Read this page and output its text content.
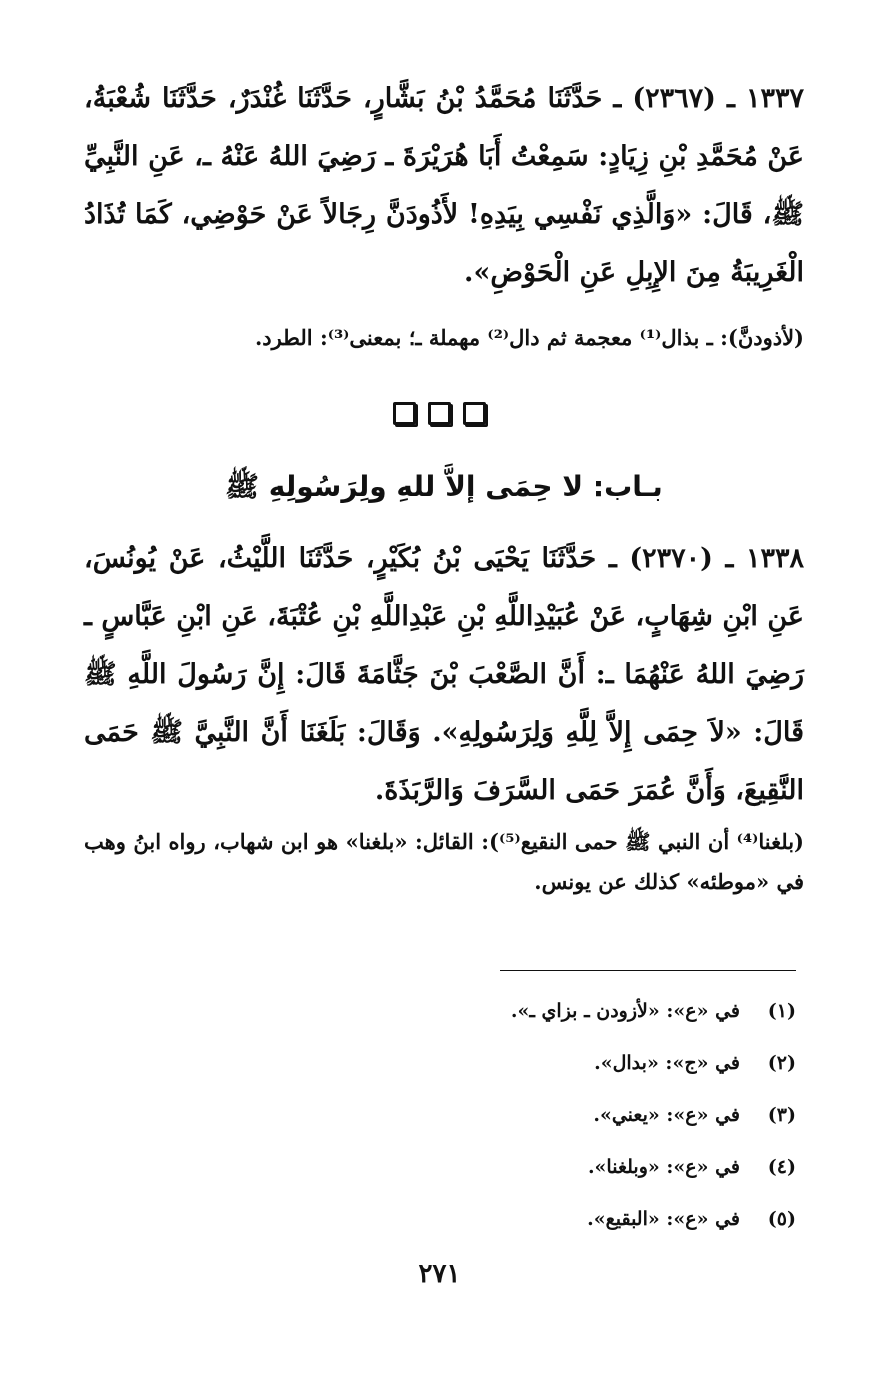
١٣٣٧ ـ (٢٣٦٧) ـ حَدَّثَنَا مُحَمَّدُ بْنُ بَشَّارٍ، حَدَّثَنَا غُنْدَرٌ، حَدَّثَنَا شُعْبَةُ، عَنْ مُحَمَّدِ بْنِ زِيَادٍ: سَمِعْتُ أَبَا هُرَيْرَةَ ـ رَضِيَ اللهُ عَنْهُ ـ، عَنِ النَّبِيِّ ﷺ، قَالَ: «وَالَّذِي نَفْسِي بِيَدِهِ! لأَذُودَنَّ رِجَالاً عَنْ حَوْضِي، كَمَا تُذَادُ الْغَرِيبَةُ مِنَ الإِبِلِ عَنِ الْحَوْضِ».

(لأذودنَّ): ـ بذال⁽¹⁾ معجمة ثم دال⁽²⁾ مهملة ـ؛ بمعنى⁽³⁾: الطرد.

بـاب: لا حِمَى إلاَّ للهِ ولِرَسُولِهِ ﷺ

١٣٣٨ ـ (٢٣٧٠) ـ حَدَّثَنَا يَحْيَى بْنُ بُكَيْرٍ، حَدَّثَنَا اللَّيْثُ، عَنْ يُونُسَ، عَنِ ابْنِ شِهَابٍ، عَنْ عُبَيْدِاللَّهِ بْنِ عَبْدِاللَّهِ بْنِ عُتْبَةَ، عَنِ ابْنِ عَبَّاسٍ ـ رَضِيَ اللهُ عَنْهُمَا ـ: أَنَّ الصَّعْبَ بْنَ جَثَّامَةَ قَالَ: إِنَّ رَسُولَ اللَّهِ ﷺ قَالَ: «لاَ حِمَى إِلاَّ لِلَّهِ وَلِرَسُولِهِ». وَقَالَ: بَلَغَنَا أَنَّ النَّبِيَّ ﷺ حَمَى النَّقِيعَ، وَأَنَّ عُمَرَ حَمَى السَّرَفَ وَالرَّبَذَةَ.

(بلغنا⁽⁴⁾ أن النبي ﷺ حمى النقيع⁽⁵⁾): القائل: «بلغنا» هو ابن شهاب، رواه ابنُ وهب في «موطئه» كذلك عن يونس.

(١)
في «ع»: «لأزودن ـ بزاي ـ».
(٢)
في «ج»: «بدال».
(٣)
في «ع»: «يعني».
(٤)
في «ع»: «وبلغنا».
(٥)
في «ع»: «البقيع».
٢٧١
